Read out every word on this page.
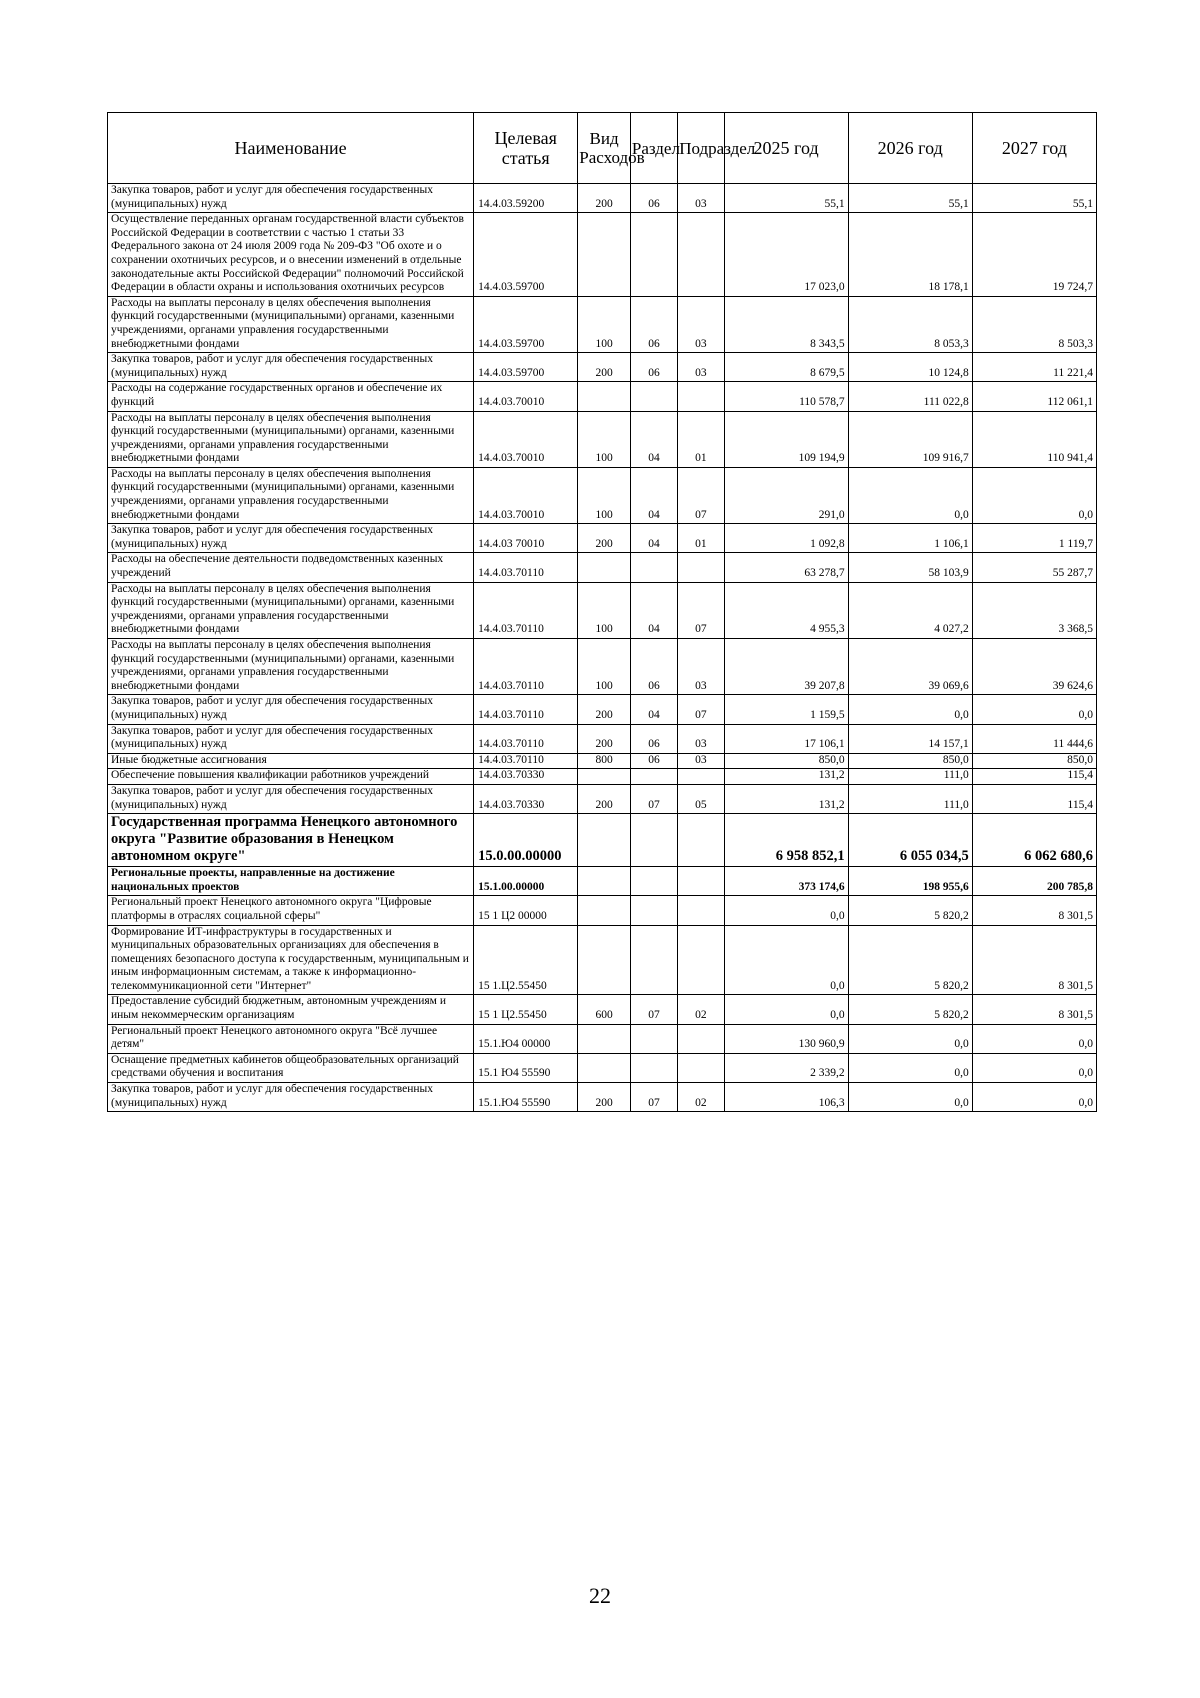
Наименование	Целевая статья	Вид Расходов	Раздел	Подраздел	2025 год	2026 год	2027 год
Закупка товаров, работ и услуг для обеспечения государственных (муниципальных) нужд	14.4.03.59200	200	06	03	55,1	55,1	55,1
Осуществление переданных органам государственной власти субъектов Российской Федерации в соответствии с частью 1 статьи 33 Федерального закона от 24 июля 2009 года № 209-ФЗ "Об охоте и о сохранении охотничьих ресурсов, и о внесении изменений в отдельные законодательные акты Российской Федерации" полномочий Российской Федерации в области охраны и использования охотничьих ресурсов	14.4.03.59700				17 023,0	18 178,1	19 724,7
Расходы на выплаты персоналу в целях обеспечения выполнения функций государственными (муниципальными) органами, казенными учреждениями, органами управления государственными внебюджетными фондами	14.4.03.59700	100	06	03	8 343,5	8 053,3	8 503,3
Закупка товаров, работ и услуг для обеспечения государственных (муниципальных) нужд	14.4.03.59700	200	06	03	8 679,5	10 124,8	11 221,4
Расходы на содержание государственных органов и обеспечение их функций	14.4.03.70010				110 578,7	111 022,8	112 061,1
Расходы на выплаты персоналу в целях обеспечения выполнения функций государственными (муниципальными) органами, казенными учреждениями, органами управления государственными внебюджетными фондами	14.4.03.70010	100	04	01	109 194,9	109 916,7	110 941,4
Расходы на выплаты персоналу в целях обеспечения выполнения функций государственными (муниципальными) органами, казенными учреждениями, органами управления государственными внебюджетными фондами	14.4.03.70010	100	04	07	291,0	0,0	0,0
Закупка товаров, работ и услуг для обеспечения государственных (муниципальных) нужд	14.4.03 70010	200	04	01	1 092,8	1 106,1	1 119,7
Расходы на обеспечение деятельности подведомственных казенных учреждений	14.4.03.70110				63 278,7	58 103,9	55 287,7
Расходы на выплаты персоналу в целях обеспечения выполнения функций государственными (муниципальными) органами, казенными учреждениями, органами управления государственными внебюджетными фондами	14.4.03.70110	100	04	07	4 955,3	4 027,2	3 368,5
Расходы на выплаты персоналу в целях обеспечения выполнения функций государственными (муниципальными) органами, казенными учреждениями, органами управления государственными внебюджетными фондами	14.4.03.70110	100	06	03	39 207,8	39 069,6	39 624,6
Закупка товаров, работ и услуг для обеспечения государственных (муниципальных) нужд	14.4.03.70110	200	04	07	1 159,5	0,0	0,0
Закупка товаров, работ и услуг для обеспечения государственных (муниципальных) нужд	14.4.03.70110	200	06	03	17 106,1	14 157,1	11 444,6
Иные бюджетные ассигнования	14.4.03.70110	800	06	03	850,0	850,0	850,0
Обеспечение повышения квалификации работников учреждений	14.4.03.70330				131,2	111,0	115,4
Закупка товаров, работ и услуг для обеспечения государственных (муниципальных) нужд	14.4.03.70330	200	07	05	131,2	111,0	115,4
Государственная программа Ненецкого автономного округа "Развитие образования в Ненецком автономном округе"	15.0.00.00000				6 958 852,1	6 055 034,5	6 062 680,6
Региональные проекты, направленные на достижение национальных проектов	15.1.00.00000				373 174,6	198 955,6	200 785,8
Региональный проект Ненецкого автономного округа "Цифровые платформы в отраслях социальной сферы"	15 1 Ц2 00000				0,0	5 820,2	8 301,5
Формирование ИТ-инфраструктуры в государственных и муниципальных образовательных организациях для обеспечения в помещениях безопасного доступа к государственным, муниципальным и иным информационным системам, а также к информационно-телекоммуникационной сети "Интернет"	15 1.Ц2.55450				0,0	5 820,2	8 301,5
Предоставление субсидий бюджетным, автономным учреждениям и иным некоммерческим организациям	15 1 Ц2.55450	600	07	02	0,0	5 820,2	8 301,5
Региональный проект Ненецкого автономного округа "Всё лучшее детям"	15.1.Ю4 00000				130 960,9	0,0	0,0
Оснащение предметных кабинетов общеобразовательных организаций средствами обучения и воспитания	15.1 Ю4 55590				2 339,2	0,0	0,0
Закупка товаров, работ и услуг для обеспечения государственных (муниципальных) нужд	15.1.Ю4 55590	200	07	02	106,3	0,0	0,0
22
